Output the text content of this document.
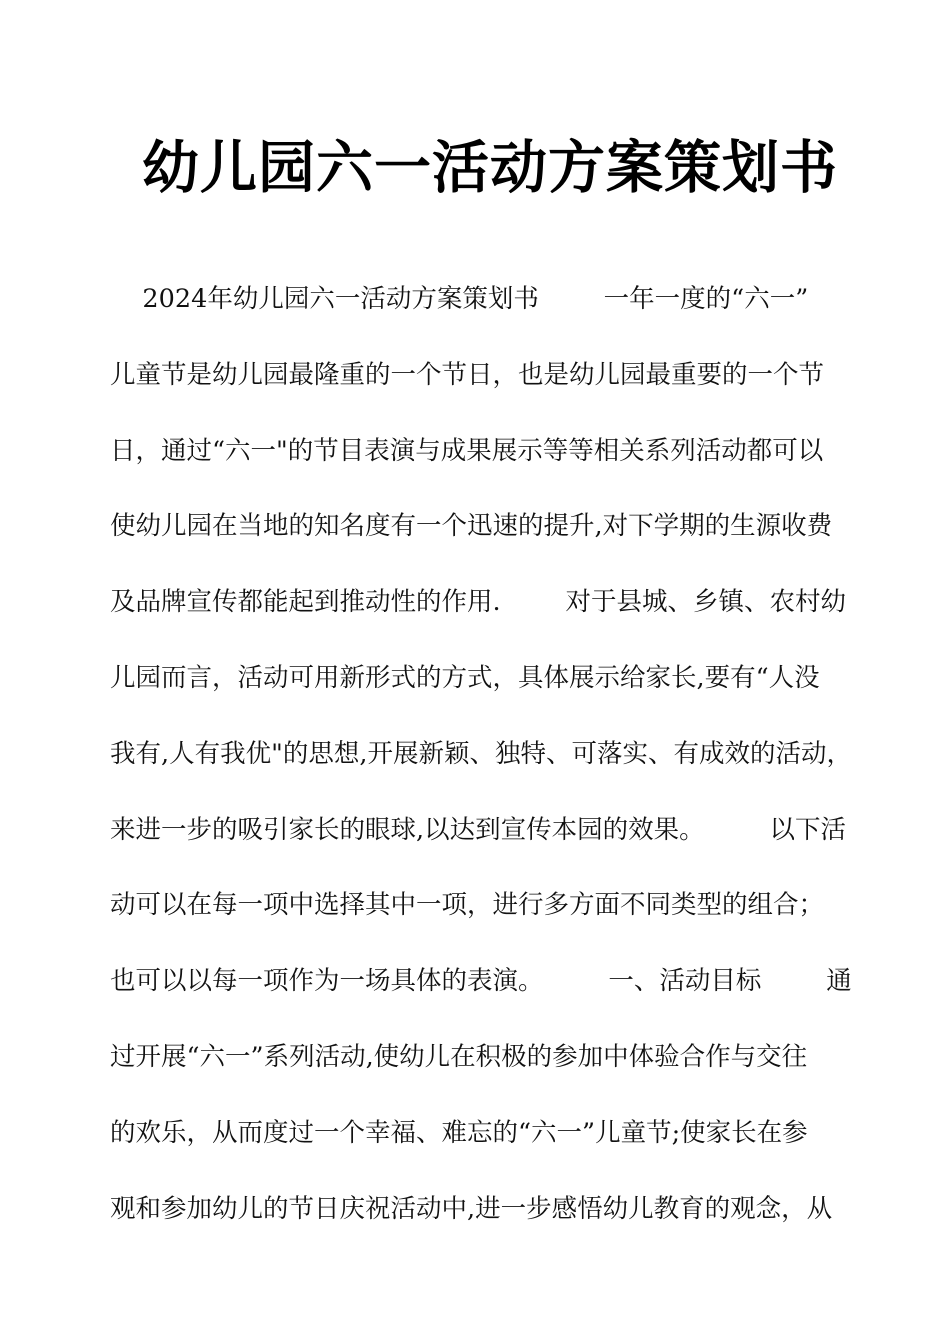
幼儿园六一活动方案策划书
2024年幼儿园六一活动方案策划书        一年一度的“六一”
儿童节是幼儿园最隆重的一个节日，也是幼儿园最重要的一个节
日，通过“六一"的节目表演与成果展示等等相关系列活动都可以
使幼儿园在当地的知名度有一个迅速的提升,对下学期的生源收费
及品牌宣传都能起到推动性的作用.        对于县城、乡镇、农村幼
儿园而言，活动可用新形式的方式，具体展示给家长,要有“人没
我有,人有我优"的思想,开展新颖、独特、可落实、有成效的活动，
来进一步的吸引家长的眼球,以达到宣传本园的效果。        以下活
动可以在每一项中选择其中一项，进行多方面不同类型的组合；
也可以以每一项作为一场具体的表演。        一、活动目标        通
过开展“六一”系列活动,使幼儿在积极的参加中体验合作与交往
的欢乐，从而度过一个幸福、难忘的“六一”儿童节;使家长在参
观和参加幼儿的节日庆祝活动中,进一步感悟幼儿教育的观念，从
